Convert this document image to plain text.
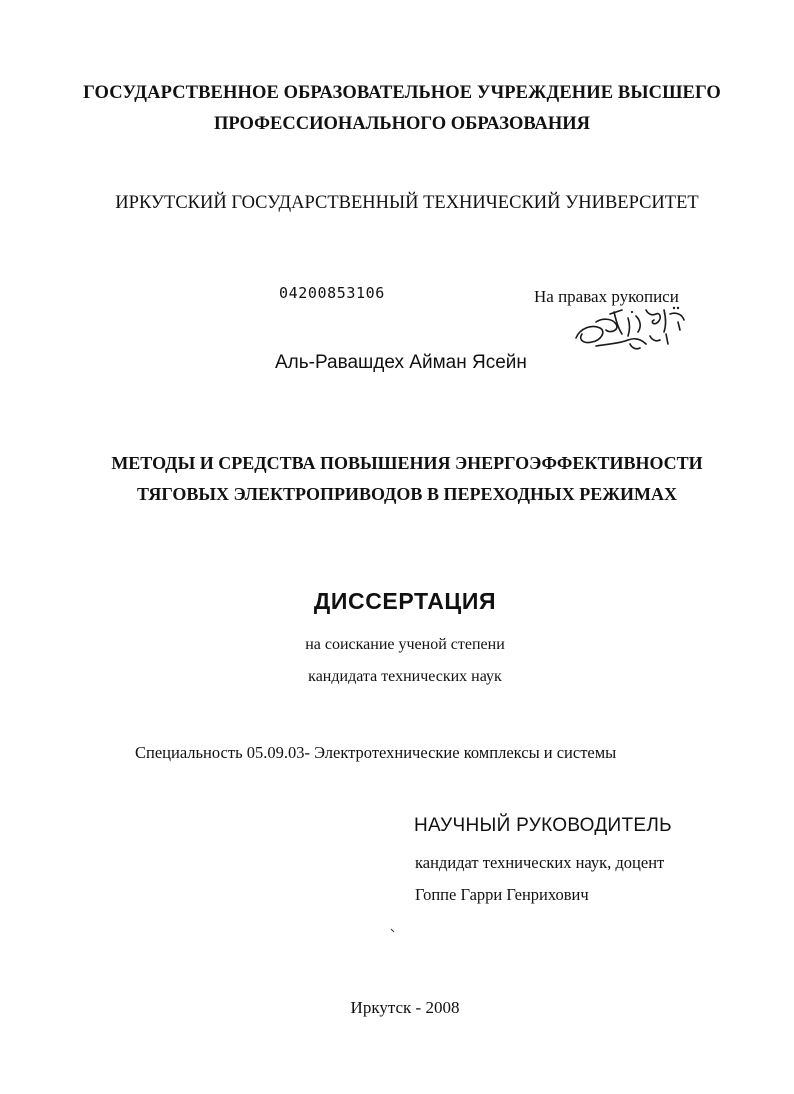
ГОСУДАРСТВЕННОЕ ОБРАЗОВАТЕЛЬНОЕ УЧРЕЖДЕНИЕ ВЫСШЕГО
ПРОФЕССИОНАЛЬНОГО ОБРАЗОВАНИЯ
ИРКУТСКИЙ ГОСУДАРСТВЕННЫЙ ТЕХНИЧЕСКИЙ УНИВЕРСИТЕТ
04200853106	На правах рукописи
Аль-Равашдех Айман Ясейн
МЕТОДЫ И СРЕДСТВА ПОВЫШЕНИЯ ЭНЕРГОЭФФЕКТИВНОСТИ
ТЯГОВЫХ ЭЛЕКТРОПРИВОДОВ В ПЕРЕХОДНЫХ РЕЖИМАХ
ДИССЕРТАЦИЯ
на соискание ученой степени
кандидата технических наук
Специальность 05.09.03- Электротехнические комплексы и системы
НАУЧНЫЙ РУКОВОДИТЕЛЬ
кандидат технических наук, доцент
Гоппе Гарри Генрихович
Иркутск - 2008
